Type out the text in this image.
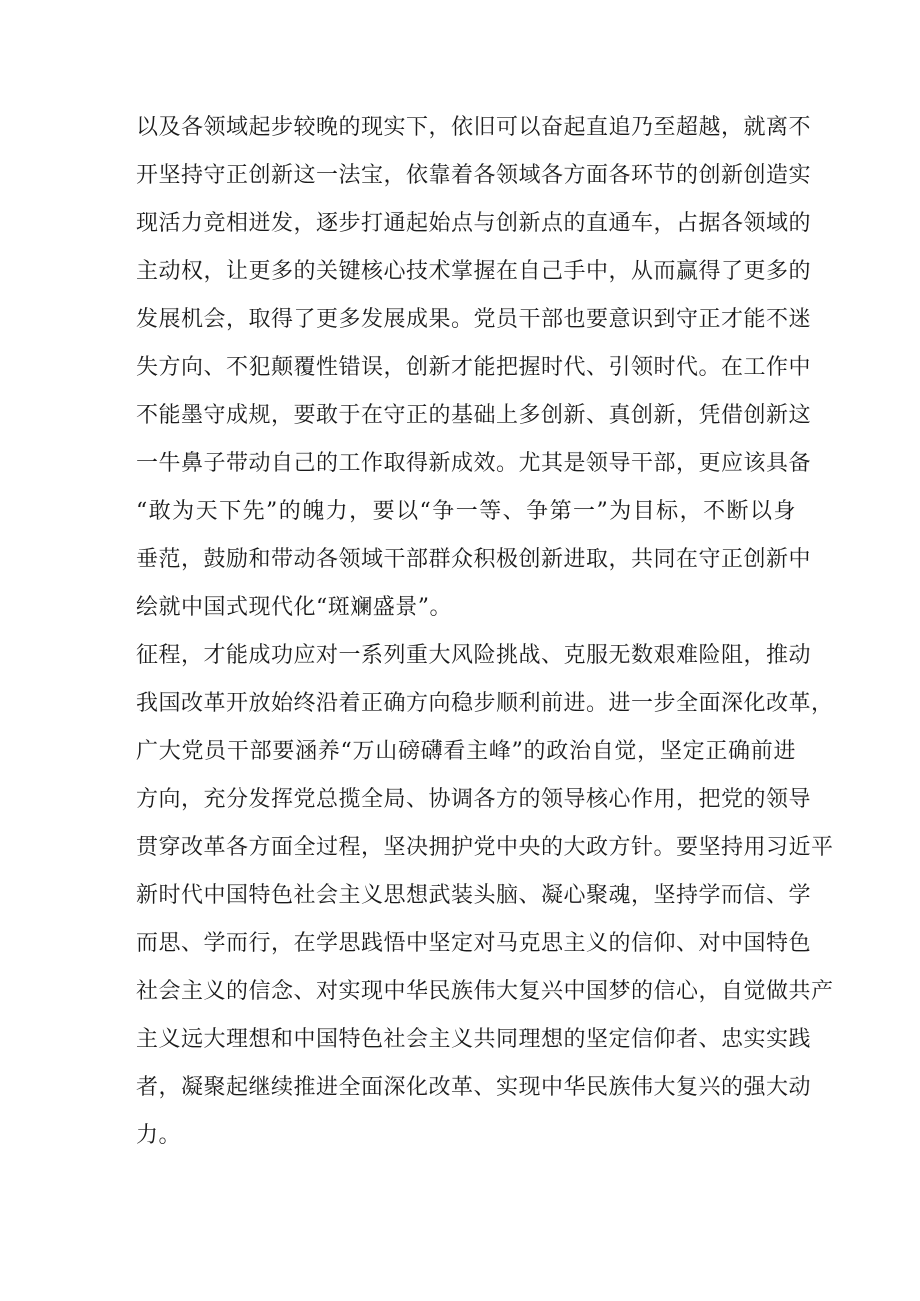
以及各领域起步较晚的现实下，依旧可以奋起直追乃至超越，就离不
开坚持守正创新这一法宝，依靠着各领域各方面各环节的创新创造实
现活力竞相迸发，逐步打通起始点与创新点的直通车，占据各领域的
主动权，让更多的关键核心技术掌握在自己手中，从而赢得了更多的
发展机会，取得了更多发展成果。党员干部也要意识到守正才能不迷
失方向、不犯颠覆性错误，创新才能把握时代、引领时代。在工作中
不能墨守成规，要敢于在守正的基础上多创新、真创新，凭借创新这
一牛鼻子带动自己的工作取得新成效。尤其是领导干部，更应该具备
“敢为天下先”的魄力，要以“争一等、争第一”为目标，不断以身
垂范，鼓励和带动各领域干部群众积极创新进取，共同在守正创新中
绘就中国式现代化“斑斓盛景”。
征程，才能成功应对一系列重大风险挑战、克服无数艰难险阻，推动
我国改革开放始终沿着正确方向稳步顺利前进。进一步全面深化改革，
广大党员干部要涵养“万山磅礴看主峰”的政治自觉，坚定正确前进
方向，充分发挥党总揽全局、协调各方的领导核心作用，把党的领导
贯穿改革各方面全过程，坚决拥护党中央的大政方针。要坚持用习近平
新时代中国特色社会主义思想武装头脑、凝心聚魂，坚持学而信、学
而思、学而行，在学思践悟中坚定对马克思主义的信仰、对中国特色
社会主义的信念、对实现中华民族伟大复兴中国梦的信心，自觉做共产
主义远大理想和中国特色社会主义共同理想的坚定信仰者、忠实实践
者，凝聚起继续推进全面深化改革、实现中华民族伟大复兴的强大动
力。
